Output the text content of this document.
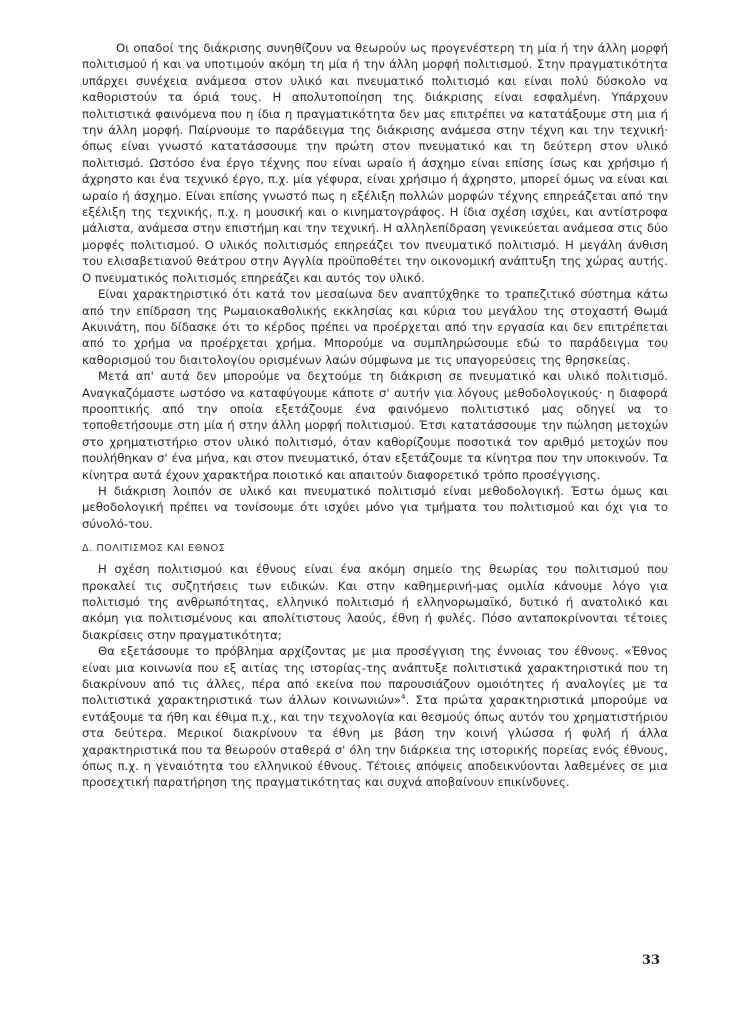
Οι οπαδοί της διάκρισης συνηθίζουν να θεωρούν ως προγενέστερη τη μία ή την άλλη μορφή πολιτισμού ή και να υποτιμούν ακόμη τη μία ή την άλλη μορφή πολιτισμού. Στην πραγματικότητα υπάρχει συνέχεια ανάμεσα στον υλικό και πνευματικό πολιτισμό και είναι πολύ δύσκολο να καθοριστούν τα όριά τους. Η απολυτοποίηση της διάκρισης είναι εσφαλμένη. Υπάρχουν πολιτιστικά φαινόμενα που η ίδια η πραγματικότητα δεν μας επιτρέπει να κατατάξουμε στη μια ή την άλλη μορφή. Παίρνουμε το παράδειγμα της διάκρισης ανάμεσα στην τέχνη και την τεχνική· όπως είναι γνωστό κατατάσσουμε την πρώτη στον πνευματικό και τη δεύτερη στον υλικό πολιτισμό. Ωστόσο ένα έργο τέχνης που είναι ωραίο ή άσχημο είναι επίσης ίσως και χρήσιμο ή άχρηστο και ένα τεχνικό έργο, π.χ. μία γέφυρα, είναι χρήσιμο ή άχρηστο, μπορεί όμως να είναι και ωραίο ή άσχημο. Είναι επίσης γνωστό πως η εξέλιξη πολλών μορφών τέχνης επηρεάζεται από την εξέλιξη της τεχνικής, π.χ. η μουσική και ο κινηματογράφος. Η ίδια σχέση ισχύει, και αντίστροφα μάλιστα, ανάμεσα στην επιστήμη και την τεχνική. Η αλληλεπίδραση γενικεύεται ανάμεσα στις δύο μορφές πολιτισμού. Ο υλικός πολιτισμός επηρεάζει τον πνευματικό πολιτισμό. Η μεγάλη άνθιση του ελισαβετιανού θεάτρου στην Αγγλία προϋποθέτει την οικονομική ανάπτυξη της χώρας αυτής. Ο πνευματικός πολιτισμός επηρεάζει και αυτός τον υλικό.

Είναι χαρακτηριστικό ότι κατά τον μεσαίωνα δεν αναπτύχθηκε το τραπεζιτικό σύστημα κάτω από την επίδραση της Ρωμαιοκαθολικής εκκλησίας και κύρια του μεγάλου της στοχαστή Θωμά Ακυινάτη, που δίδασκε ότι το κέρδος πρέπει να προέρχεται από την εργασία και δεν επιτρέπεται από το χρήμα να προέρχεται χρήμα. Μπορούμε να συμπληρώσουμε εδώ το παράδειγμα του καθορισμού του διαιτολογίου ορισμένων λαών σύμφωνα με τις υπαγορεύσεις της θρησκείας.

Μετά απ' αυτά δεν μπορούμε να δεχτούμε τη διάκριση σε πνευματικό και υλικό πολιτισμό. Αναγκαζόμαστε ωστόσο να καταφύγουμε κάποτε σ' αυτήν για λόγους μεθοδολογικούς· η διαφορά προοπτικής από την οποία εξετάζουμε ένα φαινόμενο πολιτιστικό μας οδηγεί να το τοποθετήσουμε στη μία ή στην άλλη μορφή πολιτισμού. Έτσι κατατάσσουμε την πώληση μετοχών στο χρηματιστήριο στον υλικό πολιτισμό, όταν καθορίζουμε ποσοτικά τον αριθμό μετοχών που πουλήθηκαν σ' ένα μήνα, και στον πνευματικό, όταν εξετάζουμε τα κίνητρα που την υποκινούν. Τα κίνητρα αυτά έχουν χαρακτήρα ποιοτικό και απαιτούν διαφορετικό τρόπο προσέγγισης.

Η διάκριση λοιπόν σε υλικό και πνευματικό πολιτισμό είναι μεθοδολογική. Έστω όμως και μεθοδολογική πρέπει να τονίσουμε ότι ισχύει μόνο για τμήματα του πολιτισμού και όχι για το σύνολό-του.

Δ. ΠΟΛΙΤΙΣΜΟΣ ΚΑΙ ΕΘΝΟΣ

Η σχέση πολιτισμού και έθνους είναι ένα ακόμη σημείο της θεωρίας του πολιτισμού που προκαλεί τις συζητήσεις των ειδικών. Και στην καθημερινή-μας ομιλία κάνουμε λόγο για πολιτισμό της ανθρωπότητας, ελληνικό πολιτισμό ή ελληνορωμαϊκό, δυτικό ή ανατολικό και ακόμη για πολιτισμένους και απολίτιστους λαούς, έθνη ή φυλές. Πόσο ανταποκρίνονται τέτοιες διακρίσεις στην πραγματικότητα;

Θα εξετάσουμε το πρόβλημα αρχίζοντας με μια προσέγγιση της έννοιας του έθνους. «Έθνος είναι μια κοινωνία που εξ αιτίας της ιστορίας-της ανάπτυξε πολιτιστικά χαρακτηριστικά που τη διακρίνουν από τις άλλες, πέρα από εκείνα που παρουσιάζουν ομοιότητες ή αναλογίες με τα πολιτιστικά χαρακτηριστικά των άλλων κοινωνιών»$^4$. Στα πρώτα χαρακτηριστικά μπορούμε να εντάξουμε τα ήθη και έθιμα π.χ., και την τεχνολογία και θεσμούς όπως αυτόν του χρηματιστήριου στα δεύτερα. Μερικοί διακρίνουν τα έθνη με βάση την κοινή γλώσσα ή φυλή ή άλλα χαρακτηριστικά που τα θεωρούν σταθερά σ' όλη την διάρκεια της ιστορικής πορείας ενός έθνους, όπως π.χ. η γεναιότητα του ελληνικού έθνους. Τέτοιες απόψεις αποδεικνύονται λαθεμένες σε μια προσεχτική παρατήρηση της πραγματικότητας και συχνά αποβαίνουν επικίνδυνες.

33
